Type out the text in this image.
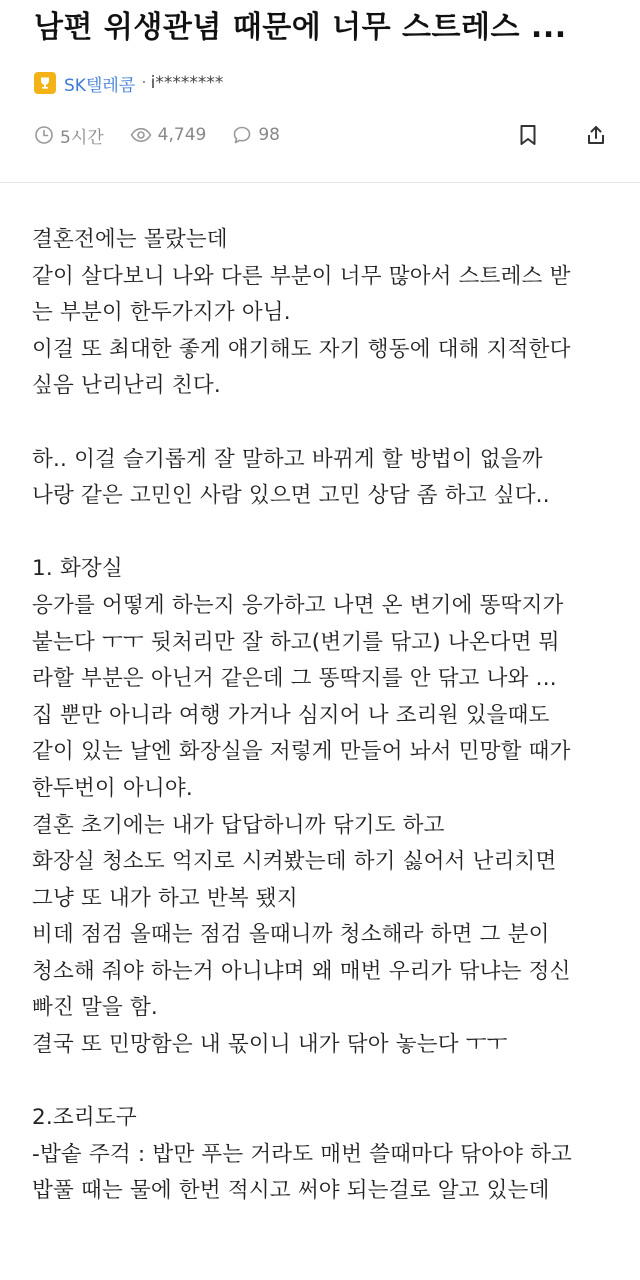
남편 위생관념 때문에 너무 스트레스 ...
SK텔레콤 · i********
5시간	4,749	98
결혼전에는 몰랐는데
같이 살다보니 나와 다른 부분이 너무 많아서 스트레스 받
는 부분이 한두가지가 아님.
이걸 또 최대한 좋게 얘기해도 자기 행동에 대해 지적한다
싶음 난리난리 친다.
하.. 이걸 슬기롭게 잘 말하고 바뀌게 할 방법이 없을까
나랑 같은 고민인 사람 있으면 고민 상담 좀 하고 싶다..
1. 화장실
응가를 어떻게 하는지 응가하고 나면 온 변기에 똥딱지가
붙는다 ㅜㅜ 뒷처리만 잘 하고(변기를 닦고) 나온다면 뭐
라할 부분은 아닌거 같은데 그 똥딱지를 안 닦고 나와 ...
집 뿐만 아니라 여행 가거나 심지어 나 조리원 있을때도
같이 있는 날엔 화장실을 저렇게 만들어 놔서 민망할 때가
한두번이 아니야.
결혼 초기에는 내가 답답하니까 닦기도 하고
화장실 청소도 억지로 시켜봤는데 하기 싫어서 난리치면
그냥 또 내가 하고 반복 됐지
비데 점검 올때는 점검 올때니까 청소해라 하면 그 분이
청소해 줘야 하는거 아니냐며 왜 매번 우리가 닦냐는 정신
빠진 말을 함.
결국 또 민망함은 내 몫이니 내가 닦아 놓는다 ㅜㅜ
2.조리도구
-밥솥 주걱 : 밥만 푸는 거라도 매번 쓸때마다 닦아야 하고
밥풀 때는 물에 한번 적시고 써야 되는걸로 알고 있는데
